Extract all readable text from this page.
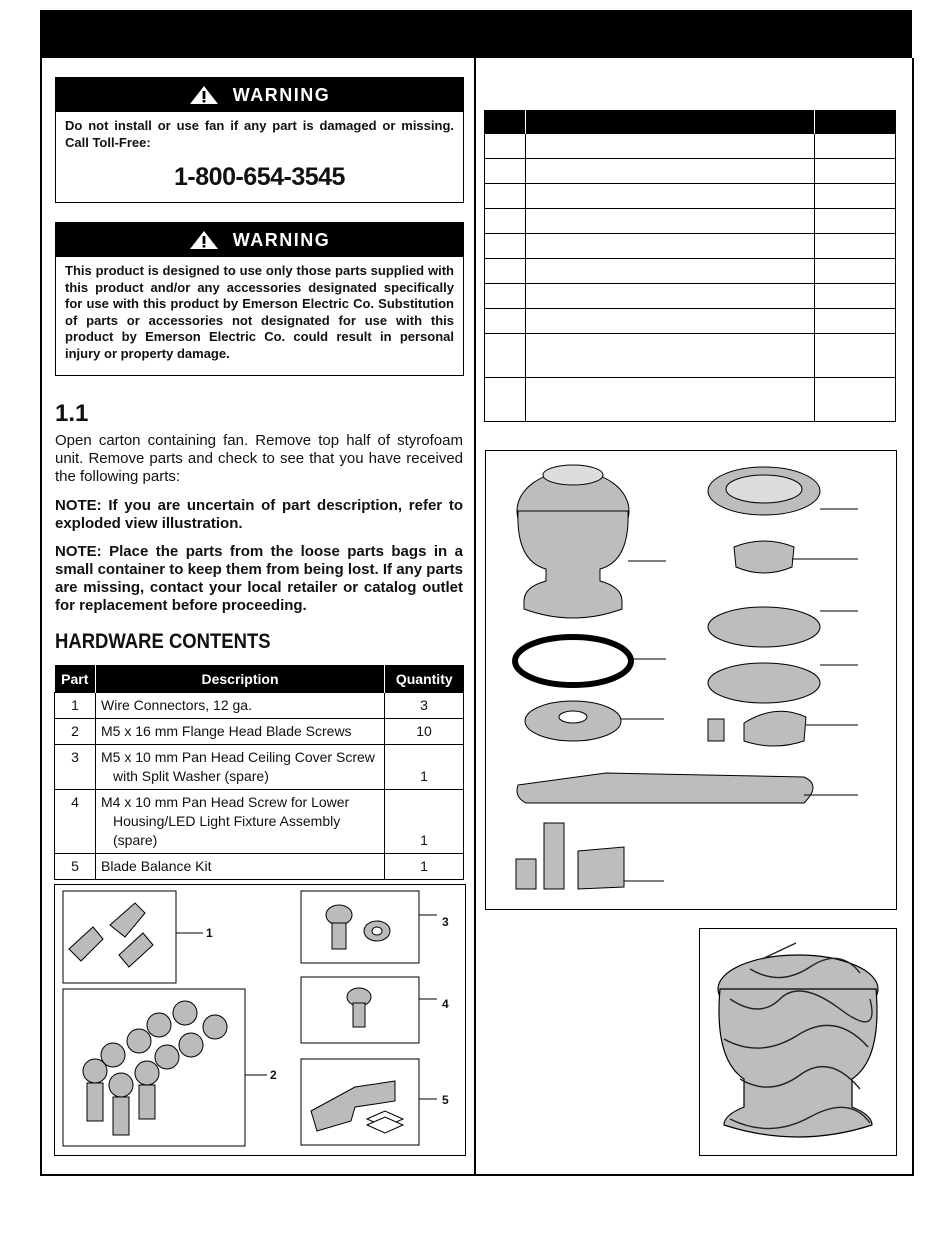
WARNING
Do not install or use fan if any part is damaged or missing. Call Toll-Free:
1-800-654-3545
WARNING
This product is designed to use only those parts supplied with this product and/or any accessories designated specifically for use with this product by Emerson Electric Co. Substitution of parts or accessories not designated for use with this product by Emerson Electric Co. could result in personal injury or property damage.
1.1
Open carton containing fan. Remove top half of styrofoam unit. Remove parts and check to see that you have received the following parts:
NOTE: If you are uncertain of part description, refer to exploded view illustration.
NOTE: Place the parts from the loose parts bags in a small container to keep them from being lost. If any parts are missing, contact your local retailer or catalog outlet for replacement before proceeding.
HARDWARE CONTENTS
Part	Description	Quantity
1	Wire Connectors, 12 ga.	3
2	M5 x 16 mm Flange Head Blade Screws	10
3	M5 x 10 mm Pan Head Ceiling Cover Screw
with Split Washer (spare)	1
4	M4 x 10 mm Pan Head Screw for Lower
Housing/LED Light Fixture Assembly (spare)	1
5	Blade Balance Kit	1
1
2
3
4
5
